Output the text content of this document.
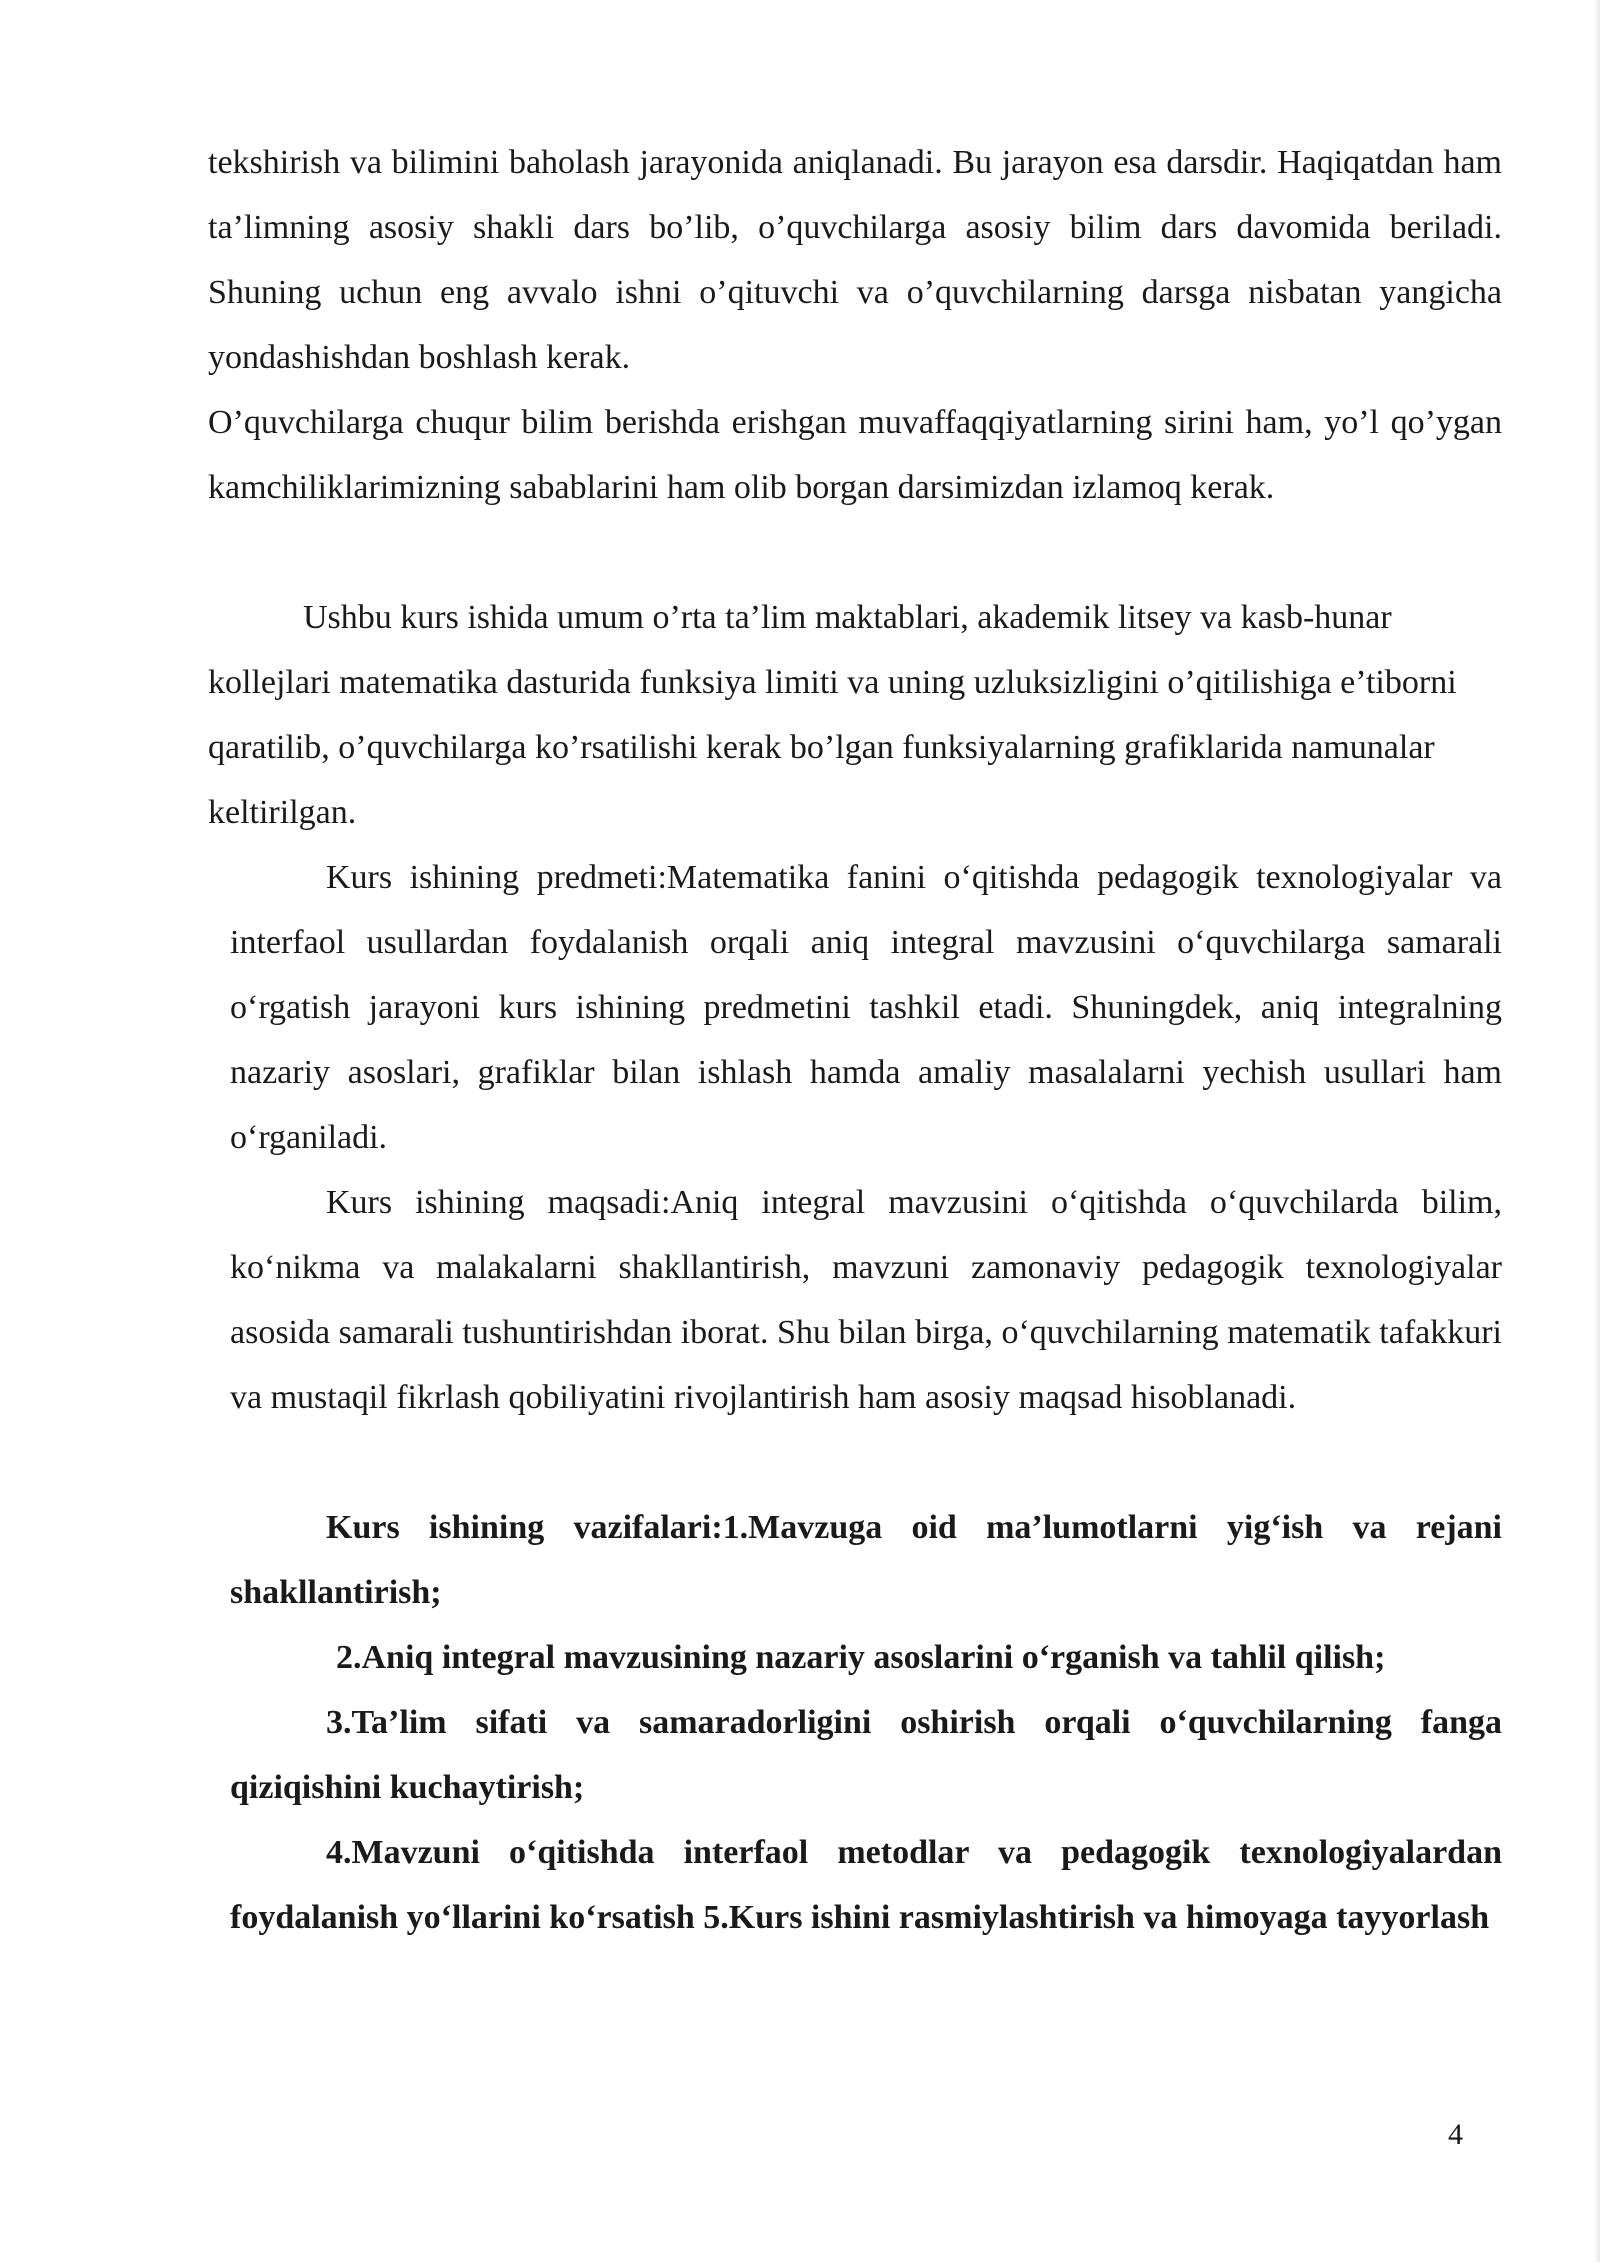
tekshirish va bilimini baholash jarayonida aniqlanadi. Bu jarayon esa darsdir. Haqiqatdan ham ta’limning asosiy shakli dars bo’lib, o’quvchilarga asosiy bilim dars davomida beriladi. Shuning uchun eng avvalo ishni o’qituvchi va o’quvchilarning darsga nisbatan yangicha yondashishdan boshlash kerak.

O’quvchilarga chuqur bilim berishda erishgan muvaffaqqiyatlarning sirini ham, yo’l qo’ygan kamchiliklarimizning sabablarini ham olib borgan darsimizdan izlamoq kerak.

Ushbu kurs ishida umum o’rta ta’lim maktablari, akademik litsey va kasb-hunar kollejlari matematika dasturida funksiya limiti va uning uzluksizligini o’qitilishiga e’tiborni qaratilib, o’quvchilarga ko’rsatilishi kerak bo’lgan funksiyalarning grafiklarida namunalar keltirilgan.

Kurs ishining predmeti:Matematika fanini o‘qitishda pedagogik texnologiyalar va interfaol usullardan foydalanish orqali aniq integral mavzusini o‘quvchilarga samarali o‘rgatish jarayoni kurs ishining predmetini tashkil etadi. Shuningdek, aniq integralning nazariy asoslari, grafiklar bilan ishlash hamda amaliy masalalarni yechish usullari ham o‘rganiladi.

Kurs ishining maqsadi:Aniq integral mavzusini o‘qitishda o‘quvchilarda bilim, ko‘nikma va malakalarni shakllantirish, mavzuni zamonaviy pedagogik texnologiyalar asosida samarali tushuntirishdan iborat. Shu bilan birga, o‘quvchilarning matematik tafakkuri va mustaqil fikrlash qobiliyatini rivojlantirish ham asosiy maqsad hisoblanadi.

Kurs ishining vazifalari:1.Mavzuga oid ma’lumotlarni yig‘ish va rejani shakllantirish;

2.Aniq integral mavzusining nazariy asoslarini o‘rganish va tahlil qilish;

3.Ta’lim sifati va samaradorligini oshirish orqali o‘quvchilarning fanga qiziqishini kuchaytirish;

4.Mavzuni o‘qitishda interfaol metodlar va pedagogik texnologiyalardan foydalanish yo‘llarini ko‘rsatish 5.Kurs ishini rasmiylashtirish va himoyaga tayyorlash

4
